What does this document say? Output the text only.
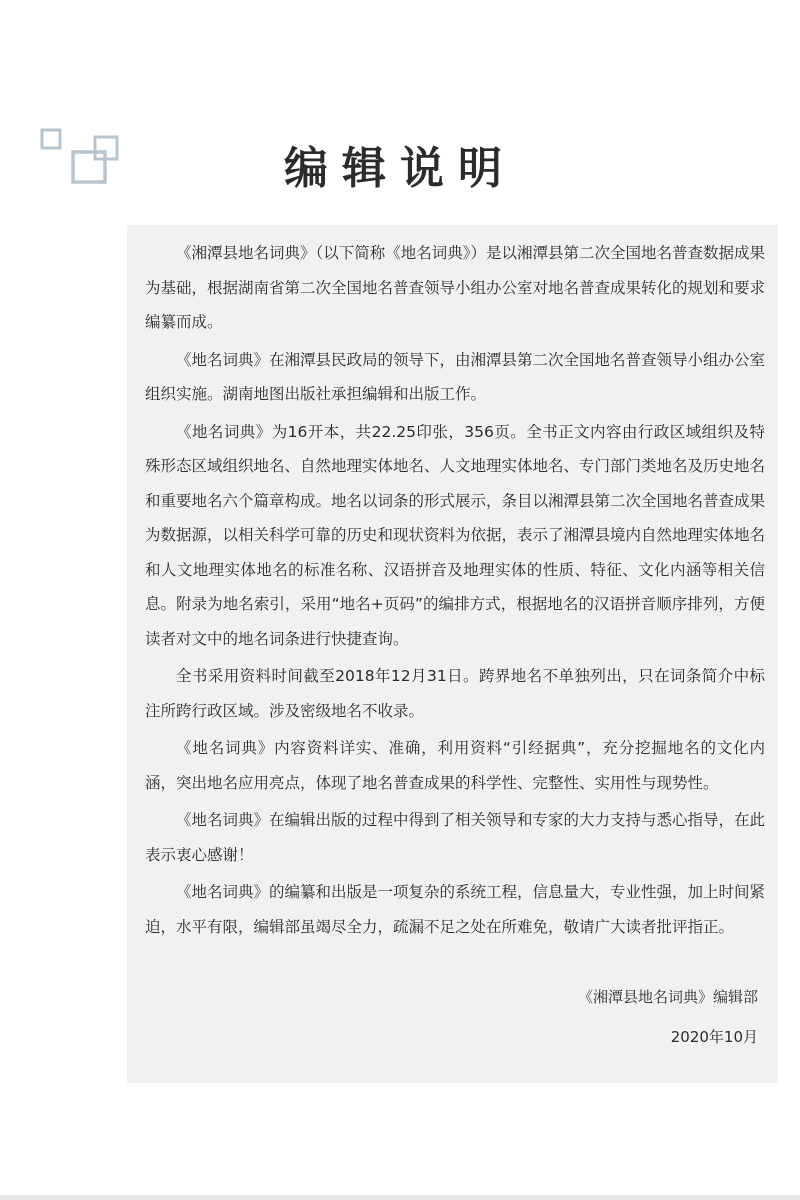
编辑说明

《湘潭县地名词典》（以下简称《地名词典》）是以湘潭县第二次全国地名普查数据成果为基础，根据湖南省第二次全国地名普查领导小组办公室对地名普查成果转化的规划和要求编纂而成。

《地名词典》在湘潭县民政局的领导下，由湘潭县第二次全国地名普查领导小组办公室组织实施。湖南地图出版社承担编辑和出版工作。

《地名词典》为16开本，共22.25印张，356页。全书正文内容由行政区域组织及特殊形态区域组织地名、自然地理实体地名、人文地理实体地名、专门部门类地名及历史地名和重要地名六个篇章构成。地名以词条的形式展示，条目以湘潭县第二次全国地名普查成果为数据源，以相关科学可靠的历史和现状资料为依据，表示了湘潭县境内自然地理实体地名和人文地理实体地名的标准名称、汉语拼音及地理实体的性质、特征、文化内涵等相关信息。附录为地名索引，采用“地名+页码”的编排方式，根据地名的汉语拼音顺序排列，方便读者对文中的地名词条进行快捷查询。

全书采用资料时间截至2018年12月31日。跨界地名不单独列出，只在词条简介中标注所跨行政区域。涉及密级地名不收录。

《地名词典》内容资料详实、准确，利用资料“引经据典”，充分挖掘地名的文化内涵，突出地名应用亮点，体现了地名普查成果的科学性、完整性、实用性与现势性。

《地名词典》在编辑出版的过程中得到了相关领导和专家的大力支持与悉心指导，在此表示衷心感谢！

《地名词典》的编纂和出版是一项复杂的系统工程，信息量大，专业性强，加上时间紧迫，水平有限，编辑部虽竭尽全力，疏漏不足之处在所难免，敬请广大读者批评指正。

《湘潭县地名词典》编辑部
2020年10月
